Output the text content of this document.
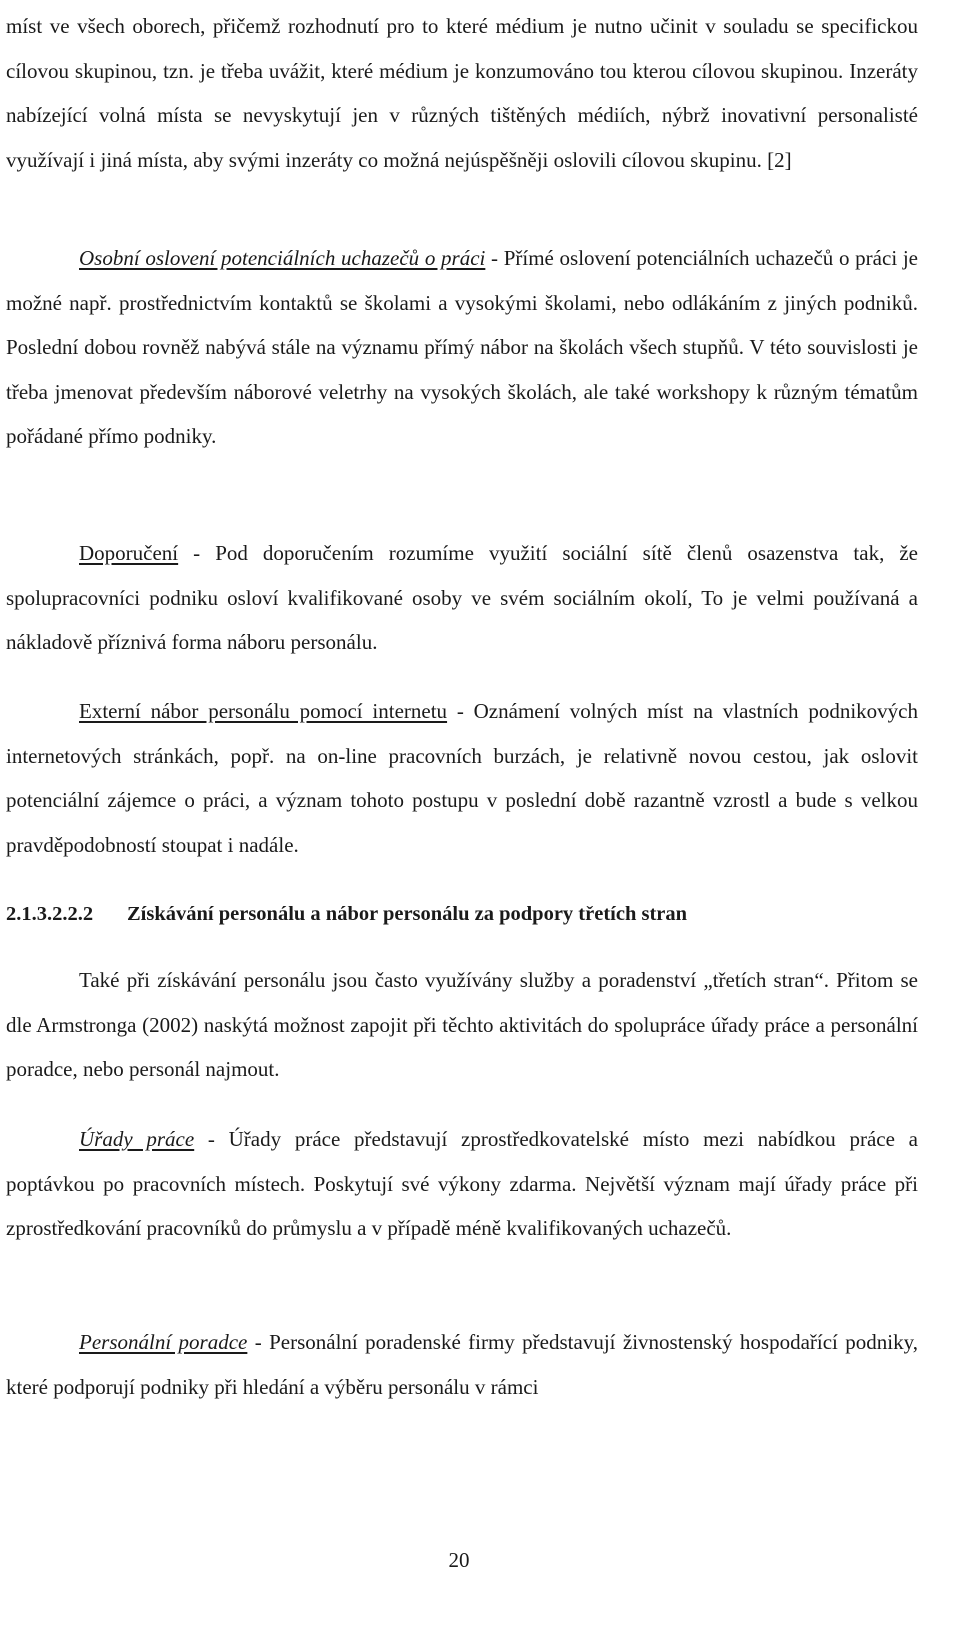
míst ve všech oborech, přičemž rozhodnutí pro to které médium je nutno učinit v souladu se specifickou cílovou skupinou, tzn. je třeba uvážit, které médium je konzumováno tou kterou cílovou skupinou. Inzeráty nabízející volná místa se nevyskytují jen v různých tištěných médiích, nýbrž inovativní personalisté využívají i jiná místa, aby svými inzeráty co možná nejúspěšněji oslovili cílovou skupinu. [2]

Osobní oslovení potenciálních uchazečů o práci - Přímé oslovení potenciálních uchazečů o práci je možné např. prostřednictvím kontaktů se školami a vysokými školami, nebo odlákáním z jiných podniků. Poslední dobou rovněž nabývá stále na významu přímý nábor na školách všech stupňů. V této souvislosti je třeba jmenovat především náborové veletrhy na vysokých školách, ale také workshopy k různým tématům pořádané přímo podniky.

Doporučení - Pod doporučením rozumíme využití sociální sítě členů osazenstva tak, že spolupracovníci podniku osloví kvalifikované osoby ve svém sociálním okolí, To je velmi používaná a nákladově příznivá forma náboru personálu.

Externí nábor personálu pomocí internetu - Oznámení volných míst na vlastních podnikových internetových stránkách, popř. na on-line pracovních burzách, je relativně novou cestou, jak oslovit potenciální zájemce o práci, a význam tohoto postupu v poslední době razantně vzrostl a bude s velkou pravděpodobností stoupat i nadále.

2.1.3.2.2.2 Získávání personálu a nábor personálu za podpory třetích stran

Také při získávání personálu jsou často využívány služby a poradenství „třetích stran“. Přitom se dle Armstronga (2002) naskýtá možnost zapojit při těchto aktivitách do spolupráce úřady práce a personální poradce, nebo personál najmout.

Úřady práce - Úřady práce představují zprostředkovatelské místo mezi nabídkou práce a poptávkou po pracovních místech. Poskytují své výkony zdarma. Největší význam mají úřady práce při zprostředkování pracovníků do průmyslu a v případě méně kvalifikovaných uchazečů.

Personální poradce - Personální poradenské firmy představují živnostenský hospodařící podniky, které podporují podniky při hledání a výběru personálu v rámci

20
